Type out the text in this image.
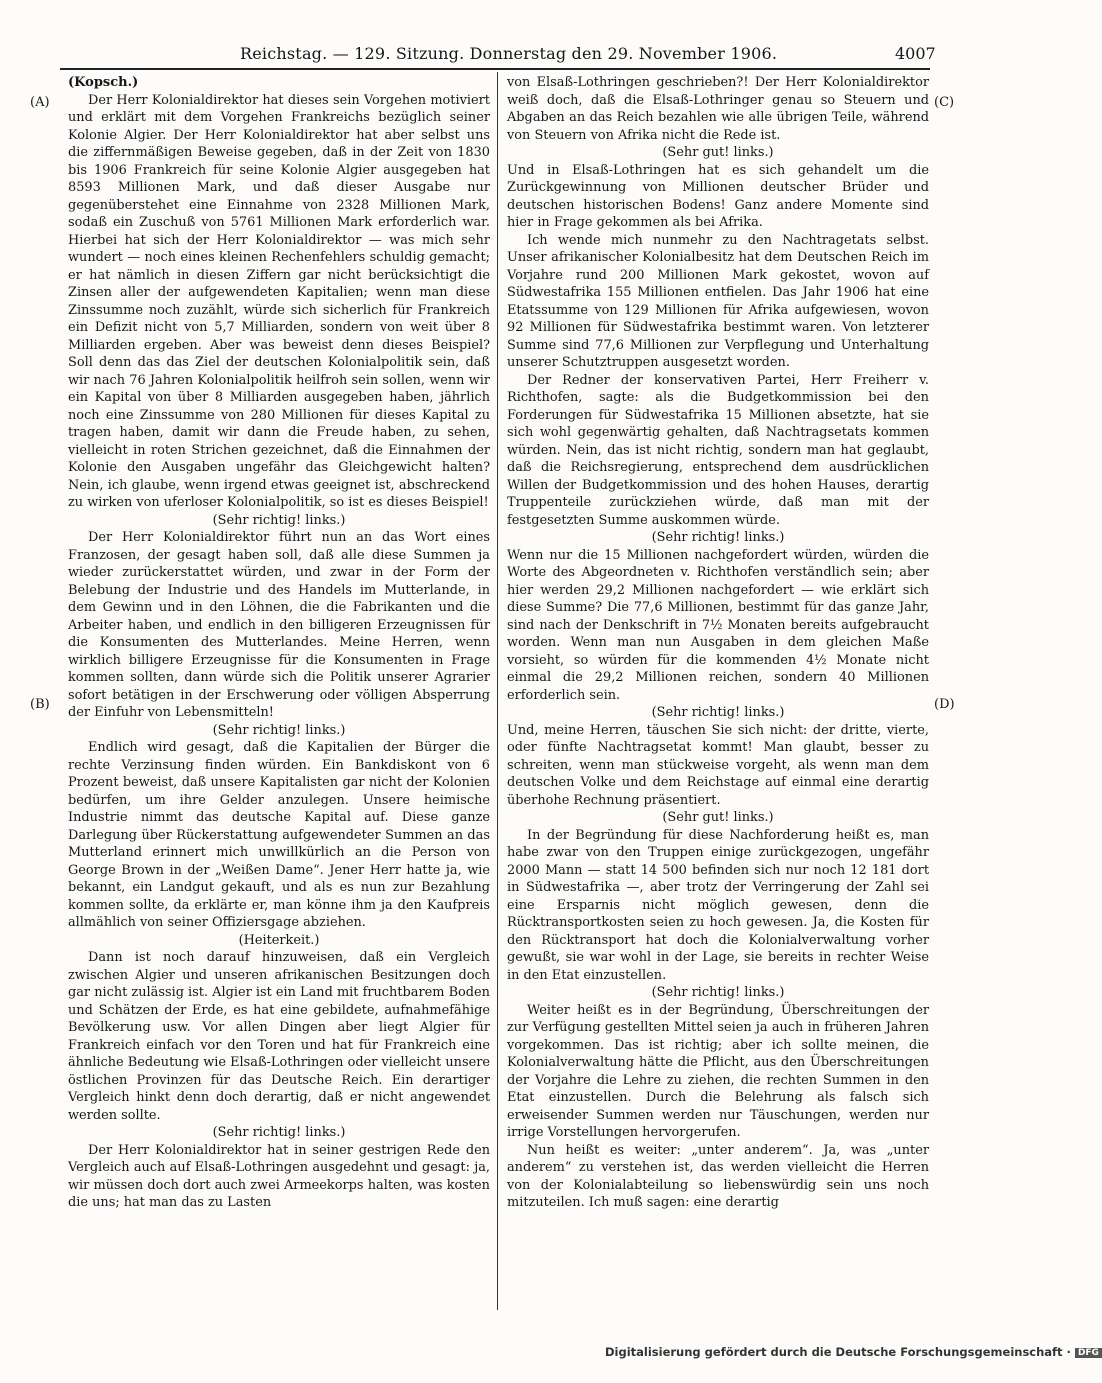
Reichstag. — 129. Sitzung. Donnerstag den 29. November 1906.	4007
(A)
(B)
(C)
(D)
(Kopsch.)

Der Herr Kolonialdirektor hat dieses sein Vorgehen motiviert und erklärt mit dem Vorgehen Frankreichs bezüglich seiner Kolonie Algier. Der Herr Kolonialdirektor hat aber selbst uns die ziffernmäßigen Beweise gegeben, daß in der Zeit von 1830 bis 1906 Frankreich für seine Kolonie Algier ausgegeben hat 8593 Millionen Mark, und daß dieser Ausgabe nur gegenüberstehet eine Einnahme von 2328 Millionen Mark, sodaß ein Zuschuß von 5761 Millionen Mark erforderlich war. Hierbei hat sich der Herr Kolonialdirektor — was mich sehr wundert — noch eines kleinen Rechenfehlers schuldig gemacht; er hat nämlich in diesen Ziffern gar nicht berücksichtigt die Zinsen aller der aufgewendeten Kapitalien; wenn man diese Zinssumme noch zuzählt, würde sich sicherlich für Frankreich ein Defizit nicht von 5,7 Milliarden, sondern von weit über 8 Milliarden ergeben. Aber was beweist denn dieses Beispiel? Soll denn das das Ziel der deutschen Kolonialpolitik sein, daß wir nach 76 Jahren Kolonialpolitik heilfroh sein sollen, wenn wir ein Kapital von über 8 Milliarden ausgegeben haben, jährlich noch eine Zinssumme von 280 Millionen für dieses Kapital zu tragen haben, damit wir dann die Freude haben, zu sehen, vielleicht in roten Strichen gezeichnet, daß die Einnahmen der Kolonie den Ausgaben ungefähr das Gleichgewicht halten? Nein, ich glaube, wenn irgend etwas geeignet ist, abschreckend zu wirken von uferloser Kolonialpolitik, so ist es dieses Beispiel!

(Sehr richtig! links.)

Der Herr Kolonialdirektor führt nun an das Wort eines Franzosen, der gesagt haben soll, daß alle diese Summen ja wieder zurückerstattet würden, und zwar in der Form der Belebung der Industrie und des Handels im Mutterlande, in dem Gewinn und in den Löhnen, die die Fabrikanten und die Arbeiter haben, und endlich in den billigeren Erzeugnissen für die Konsumenten des Mutterlandes. Meine Herren, wenn wirklich billigere Erzeugnisse für die Konsumenten in Frage kommen sollten, dann würde sich die Politik unserer Agrarier sofort betätigen in der Erschwerung oder völligen Absperrung der Einfuhr von Lebensmitteln!

(Sehr richtig! links.)

Endlich wird gesagt, daß die Kapitalien der Bürger die rechte Verzinsung finden würden. Ein Bankdiskont von 6 Prozent beweist, daß unsere Kapitalisten gar nicht der Kolonien bedürfen, um ihre Gelder anzulegen. Unsere heimische Industrie nimmt das deutsche Kapital auf. Diese ganze Darlegung über Rückerstattung aufgewendeter Summen an das Mutterland erinnert mich unwillkürlich an die Person von George Brown in der „Weißen Dame“. Jener Herr hatte ja, wie bekannt, ein Landgut gekauft, und als es nun zur Bezahlung kommen sollte, da erklärte er, man könne ihm ja den Kaufpreis allmählich von seiner Offiziersgage abziehen.

(Heiterkeit.)

Dann ist noch darauf hinzuweisen, daß ein Vergleich zwischen Algier und unseren afrikanischen Besitzungen doch gar nicht zulässig ist. Algier ist ein Land mit fruchtbarem Boden und Schätzen der Erde, es hat eine gebildete, aufnahmefähige Bevölkerung usw. Vor allen Dingen aber liegt Algier für Frankreich einfach vor den Toren und hat für Frankreich eine ähnliche Bedeutung wie Elsaß-Lothringen oder vielleicht unsere östlichen Provinzen für das Deutsche Reich. Ein derartiger Vergleich hinkt denn doch derartig, daß er nicht angewendet werden sollte.

(Sehr richtig! links.)

Der Herr Kolonialdirektor hat in seiner gestrigen Rede den Vergleich auch auf Elsaß-Lothringen ausgedehnt und gesagt: ja, wir müssen doch dort auch zwei Armeekorps halten, was kosten die uns; hat man das zu Lasten

von Elsaß-Lothringen geschrieben?! Der Herr Kolonialdirektor weiß doch, daß die Elsaß-Lothringer genau so Steuern und Abgaben an das Reich bezahlen wie alle übrigen Teile, während von Steuern von Afrika nicht die Rede ist.

(Sehr gut! links.)

Und in Elsaß-Lothringen hat es sich gehandelt um die Zurückgewinnung von Millionen deutscher Brüder und deutschen historischen Bodens! Ganz andere Momente sind hier in Frage gekommen als bei Afrika.

Ich wende mich nunmehr zu den Nachtragetats selbst. Unser afrikanischer Kolonialbesitz hat dem Deutschen Reich im Vorjahre rund 200 Millionen Mark gekostet, wovon auf Südwestafrika 155 Millionen entfielen. Das Jahr 1906 hat eine Etatssumme von 129 Millionen für Afrika aufgewiesen, wovon 92 Millionen für Südwestafrika bestimmt waren. Von letzterer Summe sind 77,6 Millionen zur Verpflegung und Unterhaltung unserer Schutztruppen ausgesetzt worden.

Der Redner der konservativen Partei, Herr Freiherr v. Richthofen, sagte: als die Budgetkommission bei den Forderungen für Südwestafrika 15 Millionen absetzte, hat sie sich wohl gegenwärtig gehalten, daß Nachtragsetats kommen würden. Nein, das ist nicht richtig, sondern man hat geglaubt, daß die Reichsregierung, entsprechend dem ausdrücklichen Willen der Budgetkommission und des hohen Hauses, derartig Truppenteile zurückziehen würde, daß man mit der festgesetzten Summe auskommen würde.

(Sehr richtig! links.)

Wenn nur die 15 Millionen nachgefordert würden, würden die Worte des Abgeordneten v. Richthofen verständlich sein; aber hier werden 29,2 Millionen nachgefordert — wie erklärt sich diese Summe? Die 77,6 Millionen, bestimmt für das ganze Jahr, sind nach der Denkschrift in 7½ Monaten bereits aufgebraucht worden. Wenn man nun Ausgaben in dem gleichen Maße vorsieht, so würden für die kommenden 4½ Monate nicht einmal die 29,2 Millionen reichen, sondern 40 Millionen erforderlich sein.

(Sehr richtig! links.)

Und, meine Herren, täuschen Sie sich nicht: der dritte, vierte, oder fünfte Nachtragsetat kommt! Man glaubt, besser zu schreiten, wenn man stückweise vorgeht, als wenn man dem deutschen Volke und dem Reichstage auf einmal eine derartig überhohe Rechnung präsentiert.

(Sehr gut! links.)

In der Begründung für diese Nachforderung heißt es, man habe zwar von den Truppen einige zurückgezogen, ungefähr 2000 Mann — statt 14 500 befinden sich nur noch 12 181 dort in Südwestafrika —, aber trotz der Verringerung der Zahl sei eine Ersparnis nicht möglich gewesen, denn die Rücktransportkosten seien zu hoch gewesen. Ja, die Kosten für den Rücktransport hat doch die Kolonialverwaltung vorher gewußt, sie war wohl in der Lage, sie bereits in rechter Weise in den Etat einzustellen.

(Sehr richtig! links.)

Weiter heißt es in der Begründung, Überschreitungen der zur Verfügung gestellten Mittel seien ja auch in früheren Jahren vorgekommen. Das ist richtig; aber ich sollte meinen, die Kolonialverwaltung hätte die Pflicht, aus den Überschreitungen der Vorjahre die Lehre zu ziehen, die rechten Summen in den Etat einzustellen. Durch die Belehrung als falsch sich erweisender Summen werden nur Täuschungen, werden nur irrige Vorstellungen hervorgerufen.

Nun heißt es weiter: „unter anderem“. Ja, was „unter anderem“ zu verstehen ist, das werden vielleicht die Herren von der Kolonialabteilung so liebenswürdig sein uns noch mitzuteilen. Ich muß sagen: eine derartig

Digitalisierung gefördert durch die Deutsche Forschungsgemeinschaft · DFG
